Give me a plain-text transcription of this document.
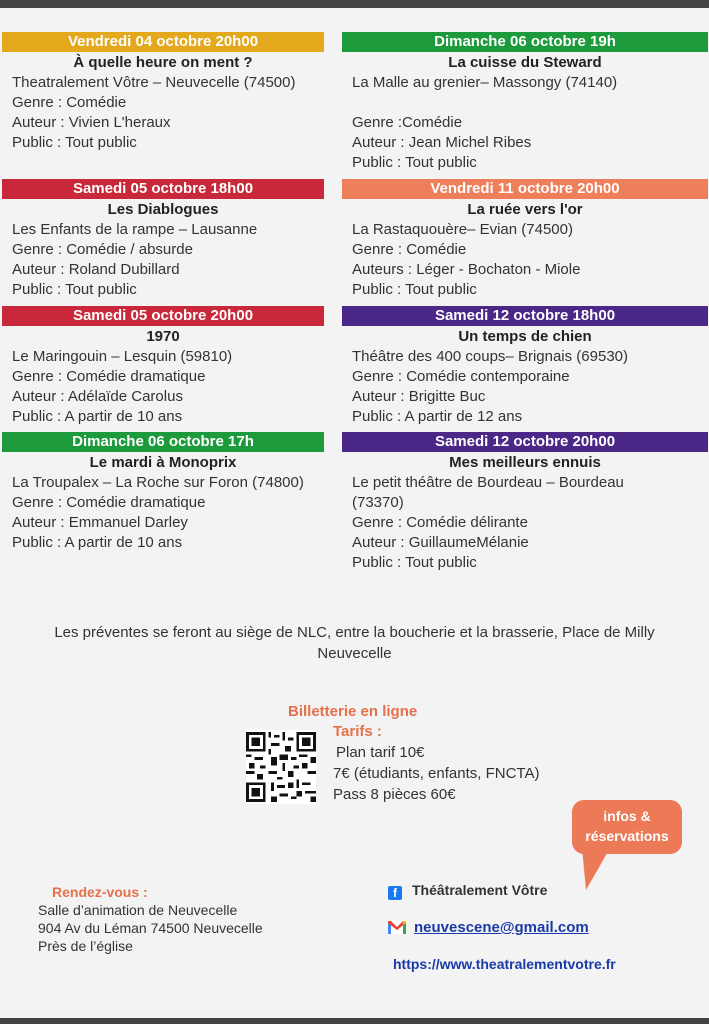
Vendredi 04 octobre 20h00
À quelle heure on ment ?
Theatralement Vôtre – Neuvecelle (74500)
Genre : Comédie
Auteur : Vivien L'heraux
Public : Tout public
Dimanche 06 octobre 19h
La cuisse du Steward
La Malle au grenier– Massongy (74140)
Genre :Comédie
Auteur : Jean Michel Ribes
Public : Tout public
Samedi 05 octobre 18h00
Les Diablogues
Les Enfants de la rampe – Lausanne
Genre : Comédie / absurde
Auteur : Roland Dubillard
Public : Tout public
Vendredi 11 octobre 20h00
La ruée vers l'or
La Rastaquouère– Evian (74500)
Genre : Comédie
Auteurs : Léger - Bochaton - Miole
Public : Tout public
Samedi 05 octobre 20h00
1970
Le Maringouin – Lesquin (59810)
Genre : Comédie dramatique
Auteur : Adélaïde Carolus
Public : A partir de 10 ans
Samedi 12 octobre 18h00
Un temps de chien
Théâtre des 400 coups– Brignais (69530)
Genre : Comédie contemporaine
Auteur : Brigitte Buc
Public : A partir de 12 ans
Dimanche 06 octobre 17h
Le mardi à Monoprix
La Troupalex – La Roche sur Foron (74800)
Genre : Comédie dramatique
Auteur : Emmanuel Darley
Public : A partir de 10 ans
Samedi 12 octobre 20h00
Mes meilleurs ennuis
Le petit théâtre de Bourdeau – Bourdeau (73370)
Genre : Comédie délirante
Auteur : GuillaumeMélanie
Public : Tout public
Les préventes se feront au siège de NLC, entre la boucherie et la brasserie, Place de Milly
Neuvecelle
Billetterie en ligne
Tarifs :
Plan tarif 10€
7€ (étudiants, enfants, FNCTA)
Pass 8 pièces 60€
infos &
réservations
Rendez-vous :
Salle d’animation de Neuvecelle
904 Av du Léman 74500 Neuvecelle
Près de l’église
f Théâtralement Vôtre
neuvescene@gmail.com
https://www.theatralementvotre.fr
